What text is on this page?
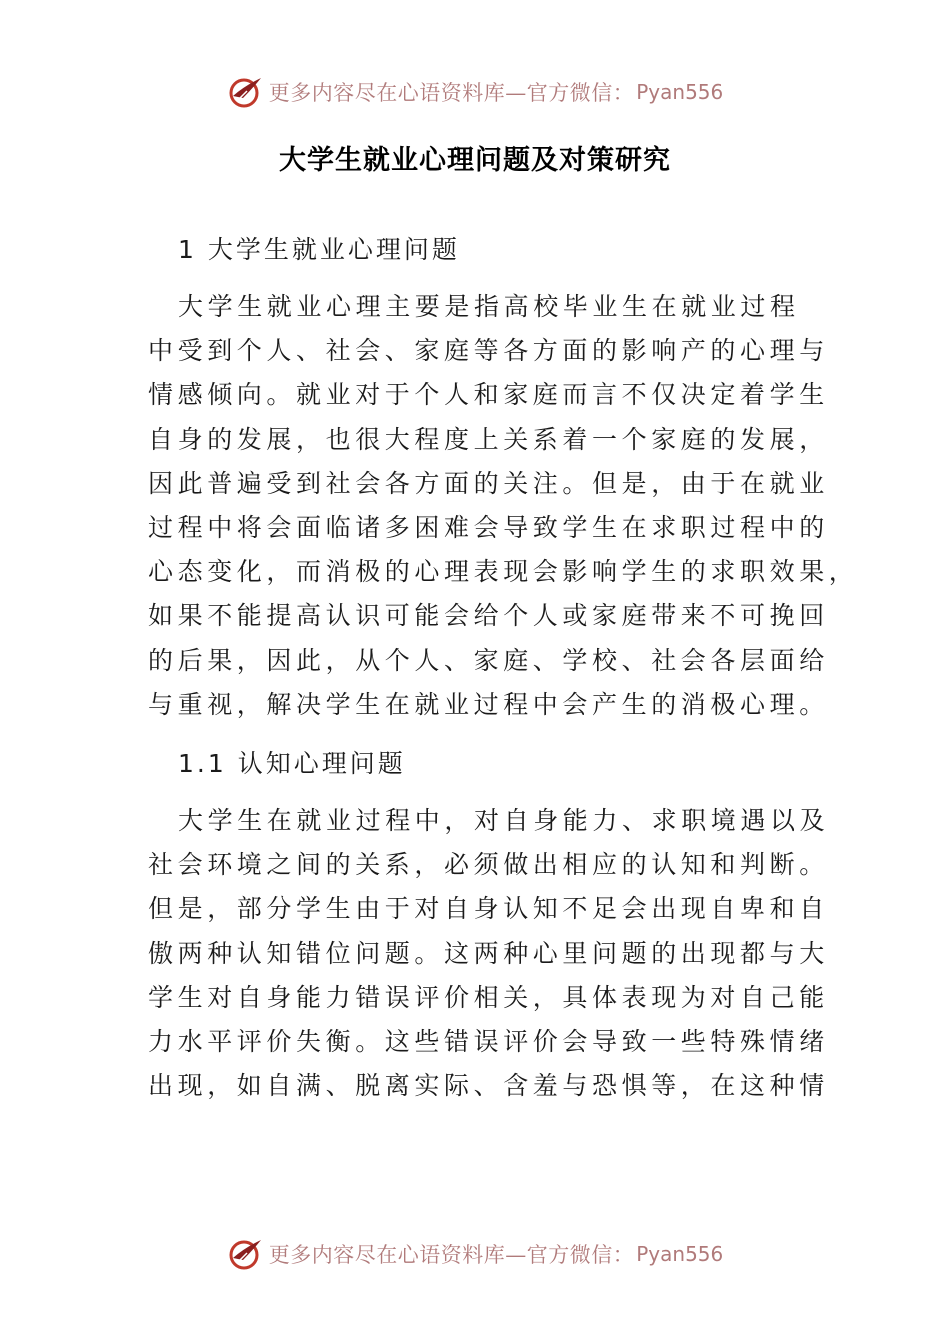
更多内容尽在心语资料库—官方微信： Pyan556
大学生就业心理问题及对策研究
1 大学生就业心理问题
大学生就业心理主要是指高校毕业生在就业过程
中受到个人、社会、家庭等各方面的影响产的心理与
情感倾向。就业对于个人和家庭而言不仅决定着学生
自身的发展，也很大程度上关系着一个家庭的发展，
因此普遍受到社会各方面的关注。但是，由于在就业
过程中将会面临诸多困难会导致学生在求职过程中的
心态变化，而消极的心理表现会影响学生的求职效果，
如果不能提高认识可能会给个人或家庭带来不可挽回
的后果，因此，从个人、家庭、学校、社会各层面给
与重视，解决学生在就业过程中会产生的消极心理。
1.1 认知心理问题
大学生在就业过程中，对自身能力、求职境遇以及
社会环境之间的关系，必须做出相应的认知和判断。
但是，部分学生由于对自身认知不足会出现自卑和自
傲两种认知错位问题。这两种心里问题的出现都与大
学生对自身能力错误评价相关，具体表现为对自己能
力水平评价失衡。这些错误评价会导致一些特殊情绪
出现，如自满、脱离实际、含羞与恐惧等，在这种情
更多内容尽在心语资料库—官方微信： Pyan556
